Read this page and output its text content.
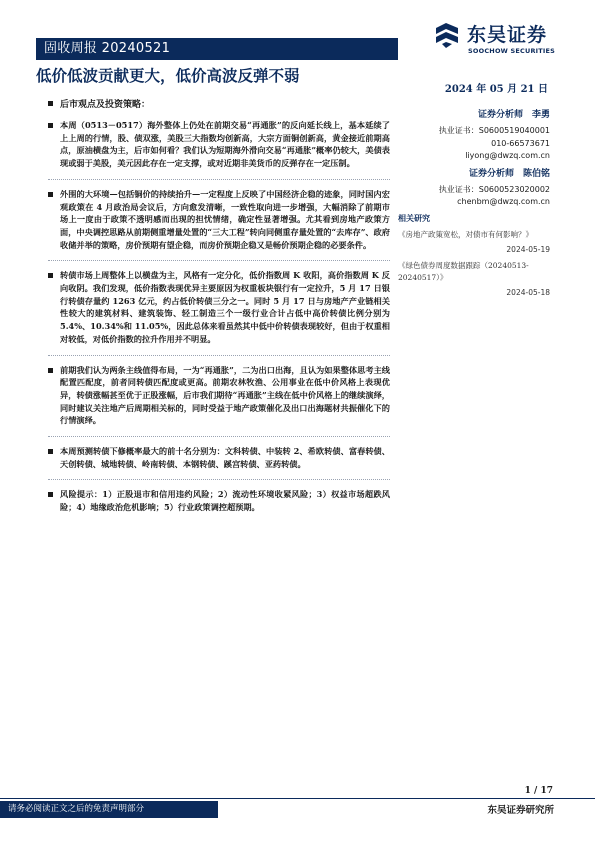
固收周报 20240521
东吴证券
SOOCHOW SECURITIES
低价低波贡献更大，低价高波反弹不弱
2024 年 05 月 21 日
后市观点及投资策略：
本周（0513－0517）海外整体上仍处在前期交易“再通胀”的反向延长线上，基本延续了上上周的行情，股、债双涨，美股三大指数均创新高，大宗方面铜创新高，黄金接近前期高点，原油横盘为主，后市如何看？我们认为短期海外滑向交易“再通胀”概率仍较大，美债表现或弱于美股，美元因此存在一定支撑，或对近期非美货币的反弹存在一定压制。
外围的大环境—包括铜价的持续抬升—一定程度上反映了中国经济企稳的迹象，同时国内宏观政策在 4 月政治局会议后，方向愈发清晰，一致性取向进一步增强，大幅消除了前期市场上一度由于政策不透明感而出现的担忧情绪，确定性显著增强。尤其看到房地产政策方面，中央调控思路从前期侧重增量处置的“三大工程”转向同侧重存量处置的“去库存”、政府收储并举的策略，房价预期有望企稳，而房价预期企稳又是畅价预期企稳的必要条件。
转债市场上周整体上以横盘为主，风格有一定分化，低价指数周 K 收阳，高价指数周 K 反向收阴。我们发现，低价指数表现优异主要原因为权重板块银行有一定拉升，5 月 17 日银行转债存量约 1263 亿元，约占低价转债三分之一。同时 5 月 17 日与房地产产业链相关性较大的建筑材料、建筑装饰、轻工制造三个一级行业合计占低中高价转债比例分别为 5.4%、10.34%和 11.05%，因此总体来看虽然其中低中价转债表现较好，但由于权重相对较低，对低价指数的拉升作用并不明显。
前期我们认为两条主线值得布局，一为“再通胀”，二为出口出海，且认为如果整体思考主线配置匹配度，前者同转债匹配度或更高。前期农林牧渔、公用事业在低中价风格上表现优异，转债涨幅甚至优于正股涨幅，后市我们期待“再通胀”主线在低中价风格上的继续演绎，同时建议关注地产后周期相关标的，同时受益于地产政策催化及出口出海题材共振催化下的行情演绎。
本周预测转债下修概率最大的前十名分别为：文科转债、中装转 2、希欧转债、富春转债、天创转债、城地转债、岭南转债、本钢转债、蹊宫转债、亚药转债。
风险提示：1）正股退市和信用违约风险；2）流动性环境收紧风险；3）权益市场超跌风险；4）地缘政治危机影响；5）行业政策调控超预期。
证券分析师　李勇
执业证书：S0600519040001
010-66573671
liyong@dwzq.com.cn
证券分析师　陈伯铭
执业证书：S0600523020002
chenbm@dwzq.com.cn
相关研究
《房地产政策宽松，对债市有何影响？》
2024-05-19
《绿色债券周度数据跟踪（20240513-20240517）》
2024-05-18
1 / 17
请务必阅读正文之后的免责声明部分	东吴证券研究所
